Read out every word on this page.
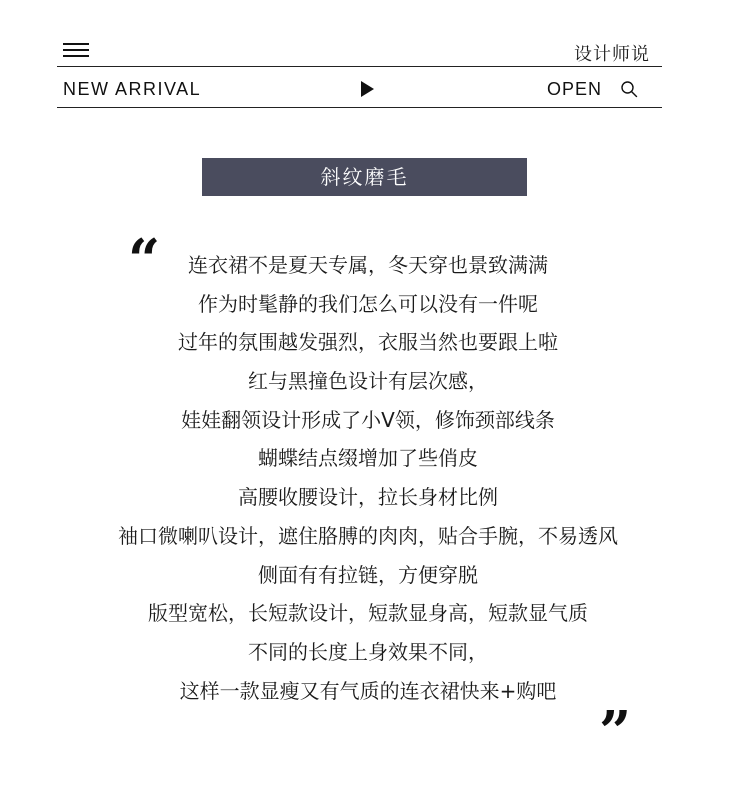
设计师说
NEW ARRIVAL	OPEN
斜纹磨毛
“	连衣裙不是夏天专属，冬天穿也景致满满
作为时髦静的我们怎么可以没有一件呢
过年的氛围越发强烈，衣服当然也要跟上啦
红与黑撞色设计有层次感，
娃娃翻领设计形成了小V领，修饰颈部线条
蝴蝶结点缀增加了些俏皮
高腰收腰设计，拉长身材比例
袖口微喇叭设计，遮住胳膊的肉肉，贴合手腕，不易透风
侧面有有拉链，方便穿脱
版型宽松，长短款设计，短款显身高，短款显气质
不同的长度上身效果不同，
这样一款显瘦又有气质的连衣裙快来+购吧
”
